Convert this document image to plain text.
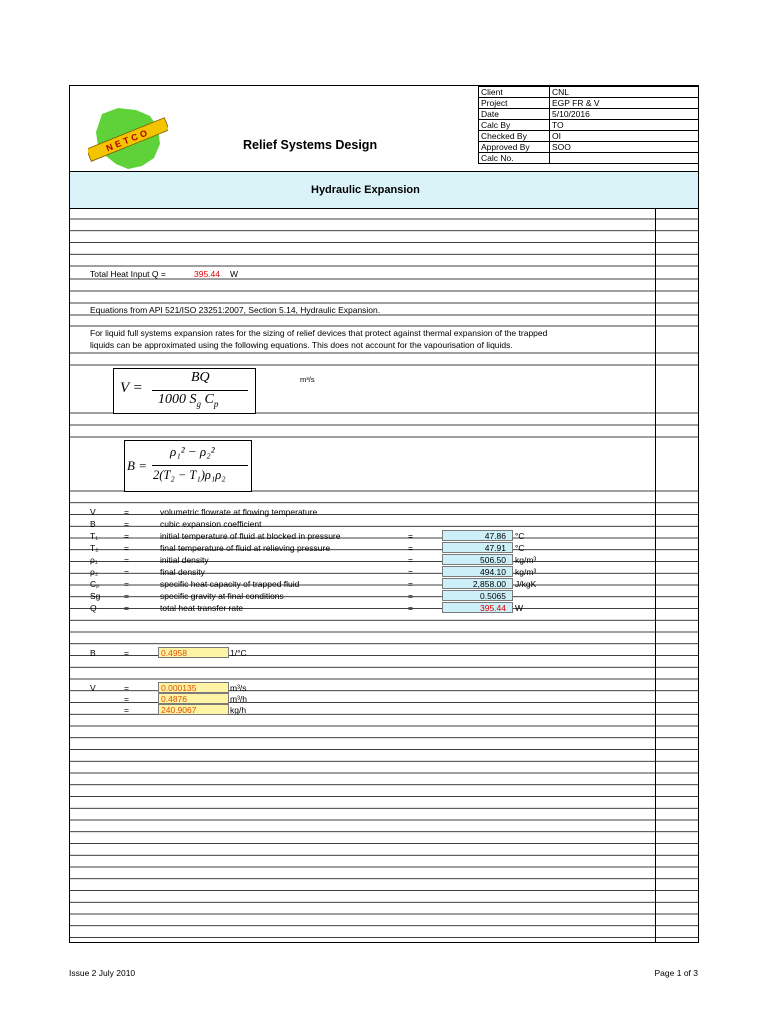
NETCO	Relief Systems Design
Client	CNL
Project	EGP FR & V
Date	5/10/2016
Calc By	TO
Checked By	OI
Approved By	SOO
Calc No.	
Hydraulic Expansion
Total Heat Input Q =	395.44 W
Equations from API 521/ISO 23251:2007, Section 5.14, Hydraulic Expansion.
For liquid full systems expansion rates for the sizing of relief devices that protect against thermal expansion of the trapped
liquids can be approximated using the following equations. This does not account for the vapourisation of liquids.
V =
BQ
1000 $S_g$ $C_p$
m³/s
B =
ρ₁² − ρ₂²
2(T₂ − T₁)ρ₁ρ₂
V	=	volumetric flowrate at flowing temperature
B	=	cubic expansion coefficient
T₁	=	initial temperature of fluid at blocked in pressure	=	47.86	°C
T₂	=	final temperature of fluid at relieving pressure	=	47.91	°C
ρ₁	=	initial density	=	506.50	kg/m³
ρ₂	=	final density	=	494.10	kg/m³
Cₚ	=	specific heat capacity of trapped fluid	=	2,858.00	J/kgK
Sg	=	specific gravity at final conditions	=	0.5065
Q	=	total heat transfer rate	=	395.44	W
B	=	0.4958	1/°C
V	=	0.000135	m³/s
=	0.4876	m³/h
=	240.9067	kg/h
Issue 2 July 2010	Page 1 of 3
